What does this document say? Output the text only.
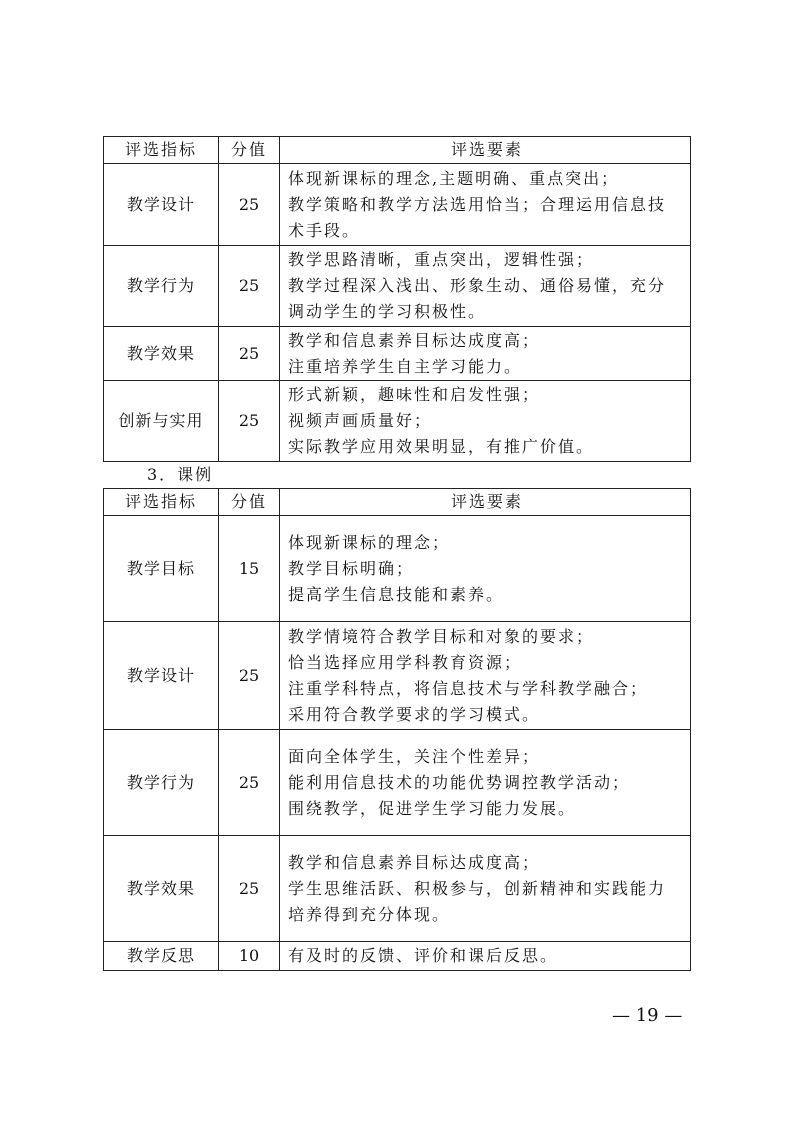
评选指标	分值	评选要素
教学设计	25	体现新课标的理念,主题明确、重点突出；
教学策略和教学方法选用恰当；合理运用信息技
术手段。

教学行为	25	教学思路清晰，重点突出，逻辑性强；
教学过程深入浅出、形象生动、通俗易懂，充分
调动学生的学习积极性。

教学效果	25	教学和信息素养目标达成度高；
注重培养学生自主学习能力。

创新与实用	25	形式新颖，趣味性和启发性强；
视频声画质量好；
实际教学应用效果明显，有推广价值。
3．课例
评选指标	分值	评选要素
教学目标	15	体现新课标的理念；
教学目标明确；
提高学生信息技能和素养。

教学设计	25	教学情境符合教学目标和对象的要求；
恰当选择应用学科教育资源；
注重学科特点，将信息技术与学科教学融合；
采用符合教学要求的学习模式。

教学行为	25	面向全体学生，关注个性差异；
能利用信息技术的功能优势调控教学活动；
围绕教学，促进学生学习能力发展。

教学效果	25	教学和信息素养目标达成度高；
学生思维活跃、积极参与，创新精神和实践能力
培养得到充分体现。

教学反思	10	有及时的反馈、评价和课后反思。
— 19 —
